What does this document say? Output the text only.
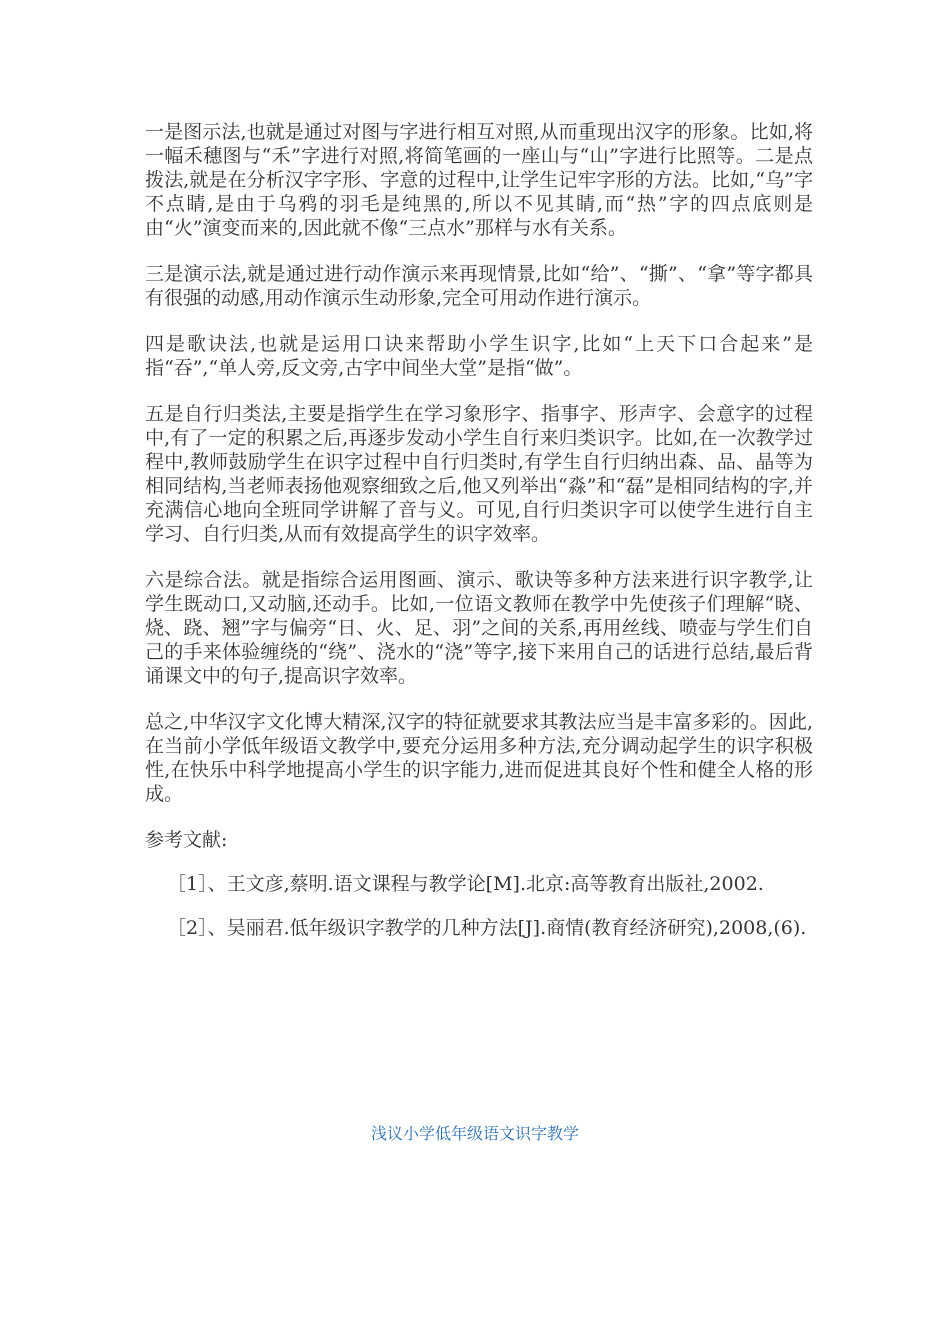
一是图示法,也就是通过对图与字进行相互对照,从而重现出汉字的形象。比如,将一幅禾穗图与“禾”字进行对照,将简笔画的一座山与“山”字进行比照等。二是点拨法,就是在分析汉字字形、字意的过程中,让学生记牢字形的方法。比如,“乌”字不点睛,是由于乌鸦的羽毛是纯黑的,所以不见其睛,而“热”字的四点底则是由“火”演变而来的,因此就不像“三点水”那样与水有关系。

三是演示法,就是通过进行动作演示来再现情景,比如“给”、“撕”、“拿”等字都具有很强的动感,用动作演示生动形象,完全可用动作进行演示。

四是歌诀法,也就是运用口诀来帮助小学生识字,比如“上天下口合起来”是指“吞”,“单人旁,反文旁,古字中间坐大堂”是指“做”。

五是自行归类法,主要是指学生在学习象形字、指事字、形声字、会意字的过程中,有了一定的积累之后,再逐步发动小学生自行来归类识字。比如,在一次教学过程中,教师鼓励学生在识字过程中自行归类时,有学生自行归纳出森、品、晶等为相同结构,当老师表扬他观察细致之后,他又列举出“淼”和“磊”是相同结构的字,并充满信心地向全班同学讲解了音与义。可见,自行归类识字可以使学生进行自主学习、自行归类,从而有效提高学生的识字效率。

六是综合法。就是指综合运用图画、演示、歌诀等多种方法来进行识字教学,让学生既动口,又动脑,还动手。比如,一位语文教师在教学中先使孩子们理解“晓、烧、跷、翘”字与偏旁“日、火、足、羽”之间的关系,再用丝线、喷壶与学生们自己的手来体验缠绕的“绕”、浇水的“浇”等字,接下来用自己的话进行总结,最后背诵课文中的句子,提高识字效率。

总之,中华汉字文化博大精深,汉字的特征就要求其教法应当是丰富多彩的。因此,在当前小学低年级语文教学中,要充分运用多种方法,充分调动起学生的识字积极性,在快乐中科学地提高小学生的识字能力,进而促进其良好个性和健全人格的形成。

参考文献:

［1］、王文彦,蔡明.语文课程与教学论[M].北京:高等教育出版社,2002.

［2］、吴丽君.低年级识字教学的几种方法[J].商情(教育经济研究),2008,(6).

浅议小学低年级语文识字教学
